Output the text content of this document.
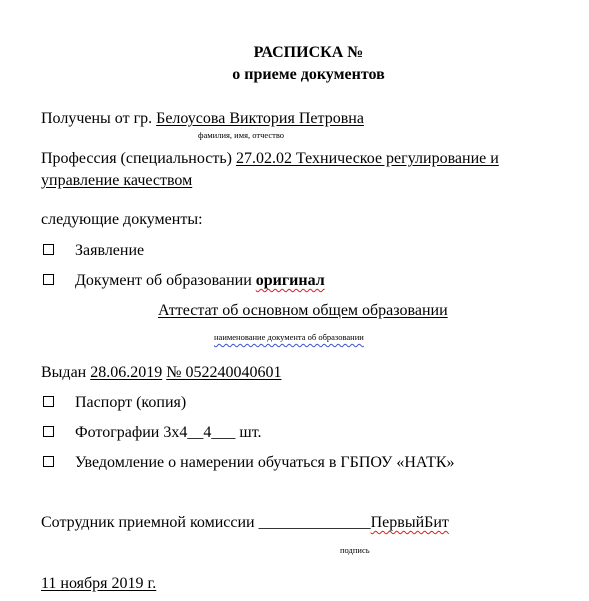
РАСПИСКА №
о приеме документов
Получены от гр. Белоусова Виктория Петровна
фамилия, имя, отчество
Профессия (специальность) 27.02.02 Техническое регулирование и
управление качеством
следующие документы:
Заявление
Документ об образовании оригинал
Аттестат об основном общем образовании
наименование документа об образовании
Выдан 28.06.2019 № 052240040601
Паспорт (копия)
Фотографии 3х4__4___ шт.
Уведомление о намерении обучаться в ГБПОУ «НАТК»
Сотрудник приемной комиссии ______________ПервыйБит
подпись
11 ноября 2019 г.
